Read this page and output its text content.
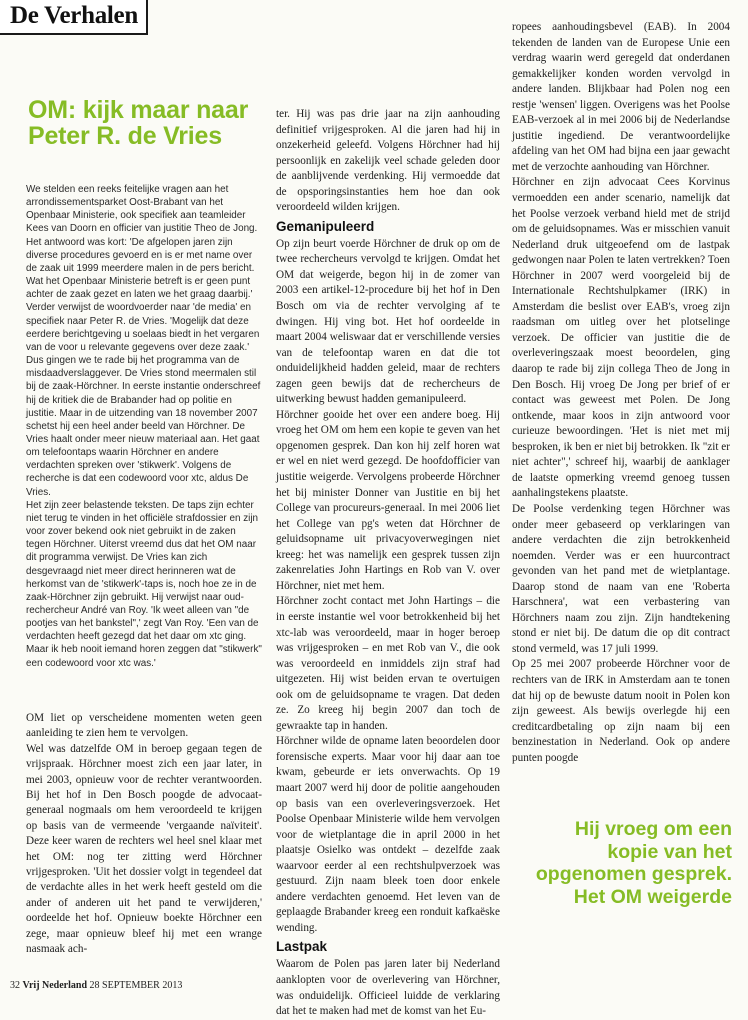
De Verhalen
OM: kijk maar naar Peter R. de Vries

We stelden een reeks feitelijke vragen aan het arrondissementsparket Oost-Brabant van het Openbaar Ministerie, ook specifiek aan teamleider Kees van Doorn en officier van justitie Theo de Jong. Het antwoord was kort: 'De afgelopen jaren zijn diverse procedures gevoerd en is er met name over de zaak uit 1999 meerdere malen in de pers bericht. Wat het Openbaar Ministerie betreft is er geen punt achter de zaak gezet en laten we het graag daarbij.' Verder verwijst de woordvoerder naar 'de media' en specifiek naar Peter R. de Vries. 'Mogelijk dat deze eerdere berichtgeving u soelaas biedt in het vergaren van de voor u relevante gegevens over deze zaak.'

Dus gingen we te rade bij het programma van de misdaadverslaggever. De Vries stond meermalen stil bij de zaak-Hörchner. In eerste instantie onderschreef hij de kritiek die de Brabander had op politie en justitie. Maar in de uitzending van 18 november 2007 schetst hij een heel ander beeld van Hörchner. De Vries haalt onder meer nieuw materiaal aan. Het gaat om telefoontaps waarin Hörchner en andere verdachten spreken over 'stikwerk'. Volgens de recherche is dat een codewoord voor xtc, aldus De Vries.

Het zijn zeer belastende teksten. De taps zijn echter niet terug te vinden in het officiële strafdossier en zijn voor zover bekend ook niet gebruikt in de zaken tegen Hörchner. Uiterst vreemd dus dat het OM naar dit programma verwijst. De Vries kan zich desgevraagd niet meer direct herinneren wat de herkomst van de 'stikwerk'-taps is, noch hoe ze in de zaak-Hörchner zijn gebruikt. Hij verwijst naar oud-rechercheur André van Roy. 'Ik weet alleen van "de pootjes van het bankstel",' zegt Van Roy. 'Een van de verdachten heeft gezegd dat het daar om xtc ging. Maar ik heb nooit iemand horen zeggen dat "stikwerk" een codewoord voor xtc was.'

OM liet op verscheidene momenten weten geen aanleiding te zien hem te vervolgen.

Wel was datzelfde OM in beroep gegaan tegen de vrijspraak. Hörchner moest zich een jaar later, in mei 2003, opnieuw voor de rechter verantwoorden. Bij het hof in Den Bosch poogde de advocaat-generaal nogmaals om hem veroordeeld te krijgen op basis van de vermeende 'vergaande naïviteit'. Deze keer waren de rechters wel heel snel klaar met het OM: nog ter zitting werd Hörchner vrijgesproken. 'Uit het dossier volgt in tegendeel dat de verdachte alles in het werk heeft gesteld om die ander of anderen uit het pand te verwijderen,' oordeelde het hof. Opnieuw boekte Hörchner een zege, maar opnieuw bleef hij met een wrange nasmaak ach-

ter. Hij was pas drie jaar na zijn aanhouding definitief vrijgesproken. Al die jaren had hij in onzekerheid geleefd. Volgens Hörchner had hij persoonlijk en zakelijk veel schade geleden door de aanblijvende verdenking. Hij vermoedde dat de opsporingsinstanties hem hoe dan ook veroordeeld wilden krijgen.

Gemanipuleerd

Op zijn beurt voerde Hörchner de druk op om de twee rechercheurs vervolgd te krijgen. Omdat het OM dat weigerde, begon hij in de zomer van 2003 een artikel-12-procedure bij het hof in Den Bosch om via de rechter vervolging af te dwingen. Hij ving bot. Het hof oordeelde in maart 2004 weliswaar dat er verschillende versies van de telefoontap waren en dat die tot onduidelijkheid hadden geleid, maar de rechters zagen geen bewijs dat de rechercheurs de uitwerking bewust hadden gemanipuleerd.

Hörchner gooide het over een andere boeg. Hij vroeg het OM om hem een kopie te geven van het opgenomen gesprek. Dan kon hij zelf horen wat er wel en niet werd gezegd. De hoofdofficier van justitie weigerde. Vervolgens probeerde Hörchner het bij minister Donner van Justitie en bij het College van procureurs-generaal. In mei 2006 liet het College van pg's weten dat Hörchner de geluidsopname uit privacyoverwegingen niet kreeg: het was namelijk een gesprek tussen zijn zakenrelaties John Hartings en Rob van V. over Hörchner, niet met hem.

Hörchner zocht contact met John Hartings – die in eerste instantie wel voor betrokkenheid bij het xtc-lab was veroordeeld, maar in hoger beroep was vrijgesproken – en met Rob van V., die ook was veroordeeld en inmiddels zijn straf had uitgezeten. Hij wist beiden ervan te overtuigen ook om de geluidsopname te vragen. Dat deden ze. Zo kreeg hij begin 2007 dan toch de gewraakte tap in handen.

Hörchner wilde de opname laten beoordelen door forensische experts. Maar voor hij daar aan toe kwam, gebeurde er iets onverwachts. Op 19 maart 2007 werd hij door de politie aangehouden op basis van een overleveringsverzoek. Het Poolse Openbaar Ministerie wilde hem vervolgen voor de wietplantage die in april 2000 in het plaatsje Osielko was ontdekt – dezelfde zaak waarvoor eerder al een rechtshulpverzoek was gestuurd. Zijn naam bleek toen door enkele andere verdachten genoemd. Het leven van de geplaagde Brabander kreeg een ronduit kafkaëske wending.

Lastpak

Waarom de Polen pas jaren later bij Nederland aanklopten voor de overlevering van Hörchner, was onduidelijk. Officieel luidde de verklaring dat het te maken had met de komst van het Eu-

ropees aanhoudingsbevel (EAB). In 2004 tekenden de landen van de Europese Unie een verdrag waarin werd geregeld dat onderdanen gemakkelijker konden worden vervolgd in andere landen. Blijkbaar had Polen nog een restje 'wensen' liggen. Overigens was het Poolse EAB-verzoek al in mei 2006 bij de Nederlandse justitie ingediend. De verantwoordelijke afdeling van het OM had bijna een jaar gewacht met de verzochte aanhouding van Hörchner.

Hörchner en zijn advocaat Cees Korvinus vermoedden een ander scenario, namelijk dat het Poolse verzoek verband hield met de strijd om de geluidsopnames. Was er misschien vanuit Nederland druk uitgeoefend om de lastpak gedwongen naar Polen te laten vertrekken? Toen Hörchner in 2007 werd voorgeleid bij de Internationale Rechtshulpkamer (IRK) in Amsterdam die beslist over EAB's, vroeg zijn raadsman om uitleg over het plotselinge verzoek. De officier van justitie die de overleveringszaak moest beoordelen, ging daarop te rade bij zijn collega Theo de Jong in Den Bosch. Hij vroeg De Jong per brief of er contact was geweest met Polen. De Jong ontkende, maar koos in zijn antwoord voor curieuze bewoordingen. 'Het is niet met mij besproken, ik ben er niet bij betrokken. Ik "zit er niet achter",' schreef hij, waarbij de aanklager de laatste opmerking vreemd genoeg tussen aanhalingstekens plaatste.

De Poolse verdenking tegen Hörchner was onder meer gebaseerd op verklaringen van andere verdachten die zijn betrokkenheid noemden. Verder was er een huurcontract gevonden van het pand met de wietplantage. Daarop stond de naam van ene 'Roberta Harschnera', wat een verbastering van Hörchners naam zou zijn. Zijn handtekening stond er niet bij. De datum die op dit contract stond vermeld, was 17 juli 1999.

Op 25 mei 2007 probeerde Hörchner voor de rechters van de IRK in Amsterdam aan te tonen dat hij op de bewuste datum nooit in Polen kon zijn geweest. Als bewijs overlegde hij een creditcardbetaling op zijn naam bij een benzinestation in Nederland. Ook op andere punten poogde

Hij vroeg om een kopie van het opgenomen gesprek. Het OM weigerde
32 Vrij Nederland 28 SEPTEMBER 2013
